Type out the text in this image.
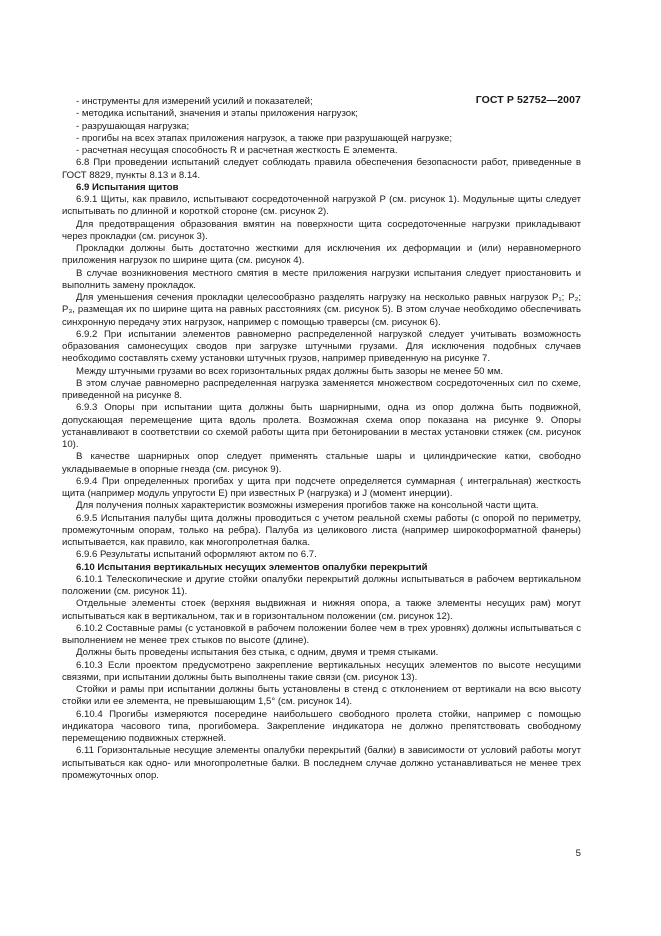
ГОСТ Р 52752—2007

- инструменты для измерений усилий и показателей;

- методика испытаний, значения и этапы приложения нагрузок;

- разрушающая нагрузка;

- прогибы на всех этапах приложения нагрузок, а также при разрушающей нагрузке;

- расчетная несущая способность R и расчетная жесткость E элемента.

6.8 При проведении испытаний следует соблюдать правила обеспечения безопасности работ, приведенные в ГОСТ 8829, пункты 8.13 и 8.14.

6.9 Испытания щитов

6.9.1 Щиты, как правило, испытывают сосредоточенной нагрузкой P (см. рисунок 1). Модульные щиты следует испытывать по длинной и короткой стороне (см. рисунок 2).

Для предотвращения образования вмятин на поверхности щита сосредоточенные нагрузки прикладывают через прокладки (см. рисунок 3).

Прокладки должны быть достаточно жесткими для исключения их деформации и (или) неравномерного приложения нагрузок по ширине щита (см. рисунок 4).

В случае возникновения местного смятия в месте приложения нагрузки испытания следует приостановить и выполнить замену прокладок.

Для уменьшения сечения прокладки целесообразно разделять нагрузку на несколько равных нагрузок P₁; P₂; P₃, размещая их по ширине щита на равных расстояниях (см. рисунок 5). В этом случае необходимо обеспечивать синхронную передачу этих нагрузок, например с помощью траверсы (см. рисунок 6).

6.9.2 При испытании элементов равномерно распределенной нагрузкой следует учитывать возможность образования самонесущих сводов при загрузке штучными грузами. Для исключения подобных случаев необходимо составлять схему установки штучных грузов, например приведенную на рисунке 7.

Между штучными грузами во всех горизонтальных рядах должны быть зазоры не менее 50 мм.

В этом случае равномерно распределенная нагрузка заменяется множеством сосредоточенных сил по схеме, приведенной на рисунке 8.

6.9.3 Опоры при испытании щита должны быть шарнирными, одна из опор должна быть подвижной, допускающая перемещение щита вдоль пролета. Возможная схема опор показана на рисунке 9. Опоры устанавливают в соответствии со схемой работы щита при бетонировании в местах установки стяжек (см. рисунок 10).

В качестве шарнирных опор следует применять стальные шары и цилиндрические катки, свободно укладываемые в опорные гнезда (см. рисунок 9).

6.9.4 При определенных прогибах y щита при подсчете определяется суммарная ( интегральная) жесткость щита (например модуль упругости E) при известных P (нагрузка) и J (момент инерции).

Для получения полных характеристик возможны измерения прогибов также на консольной части щита.

6.9.5 Испытания палубы щита должны проводиться с учетом реальной схемы работы (с опорой по периметру, промежуточным опорам, только на ребра). Палуба из целикового листа (например широкоформатной фанеры) испытывается, как правило, как многопролетная балка.

6.9.6 Результаты испытаний оформляют актом по 6.7.

6.10 Испытания вертикальных несущих элементов опалубки перекрытий

6.10.1 Телескопические и другие стойки опалубки перекрытий должны испытываться в рабочем вертикальном положении (см. рисунок 11).

Отдельные элементы стоек (верхняя выдвижная и нижняя опора, а также элементы несущих рам) могут испытываться как в вертикальном, так и в горизонтальном положении (см. рисунок 12).

6.10.2 Составные рамы (с установкой в рабочем положении более чем в трех уровнях) должны испытываться с выполнением не менее трех стыков по высоте (длине).

Должны быть проведены испытания без стыка, с одним, двумя и тремя стыками.

6.10.3 Если проектом предусмотрено закрепление вертикальных несущих элементов по высоте несущими связями, при испытании должны быть выполнены такие связи (см. рисунок 13).

Стойки и рамы при испытании должны быть установлены в стенд с отклонением от вертикали на всю высоту стойки или ее элемента, не превышающим 1,5° (см. рисунок 14).

6.10.4 Прогибы измеряются посередине наибольшего свободного пролета стойки, например с помощью индикатора часового типа, прогибомера. Закрепление индикатора не должно препятствовать свободному перемещению подвижных стержней.

6.11 Горизонтальные несущие элементы опалубки перекрытий (балки) в зависимости от условий работы могут испытываться как одно- или многопролетные балки. В последнем случае должно устанавливаться не менее трех промежуточных опор.

5
